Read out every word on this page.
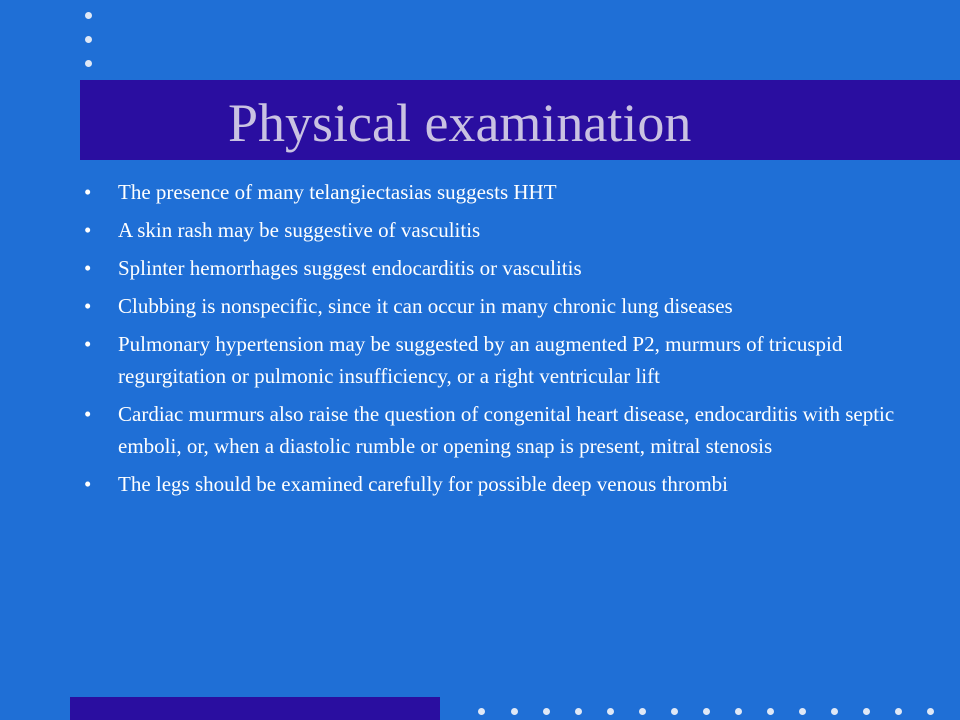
Physical examination
• The presence of many telangiectasias suggests HHT
• A skin rash may be suggestive of vasculitis
• Splinter hemorrhages suggest endocarditis or vasculitis
• Clubbing is nonspecific, since it can occur in many chronic lung diseases
• Pulmonary hypertension may be suggested by an augmented P2, murmurs of tricuspid regurgitation or pulmonic insufficiency, or a right ventricular lift
• Cardiac murmurs also raise the question of congenital heart disease, endocarditis with septic emboli, or, when a diastolic rumble or opening snap is present, mitral stenosis
• The legs should be examined carefully for possible deep venous thrombi
